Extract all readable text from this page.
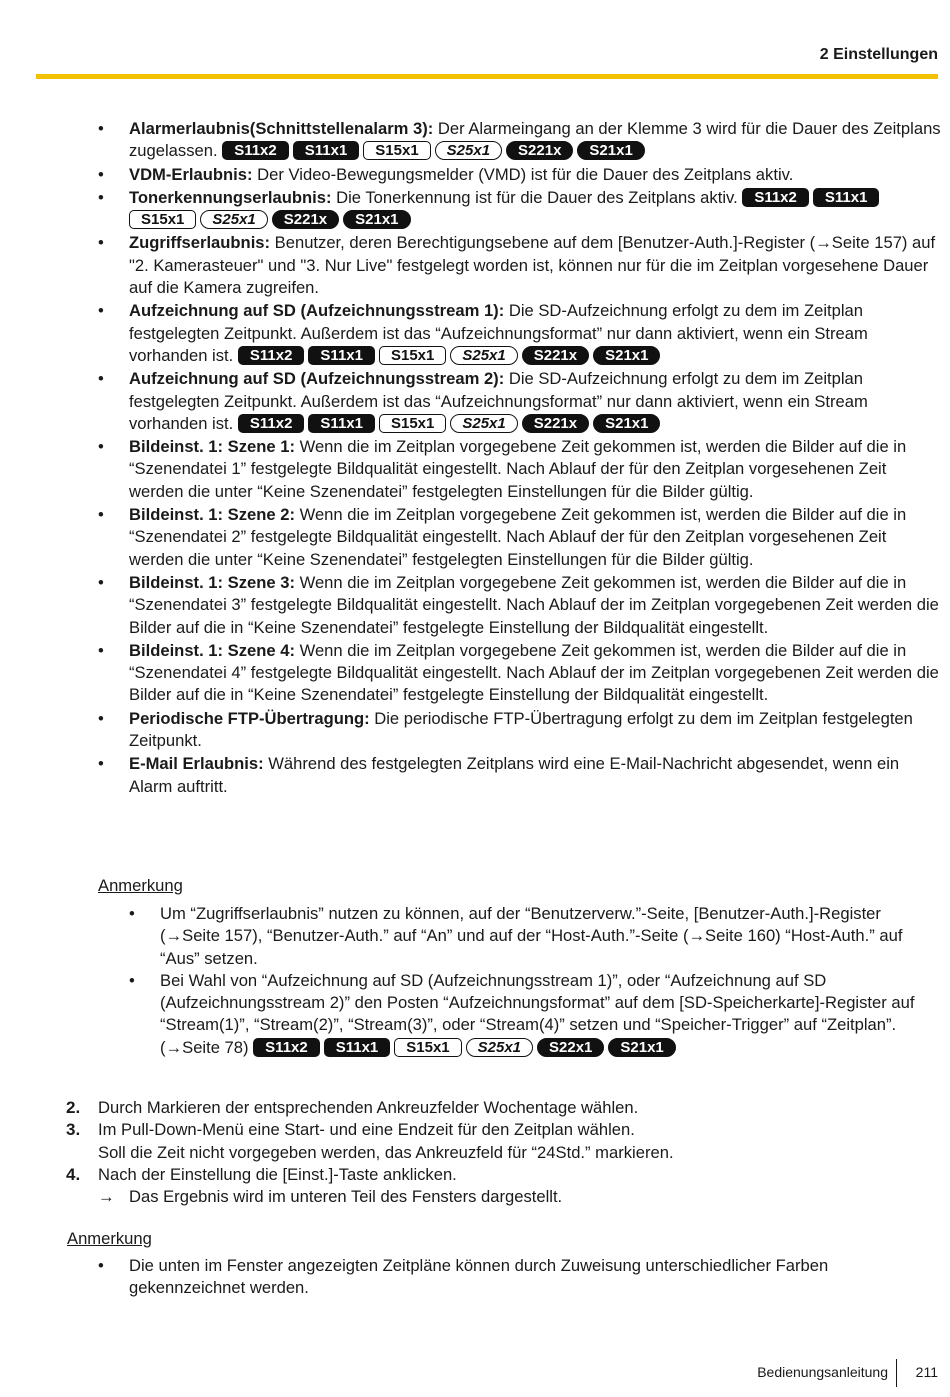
2 Einstellungen
• Alarmerlaubnis(Schnittstellenalarm 3): Der Alarmeingang an der Klemme 3 wird für die Dauer des Zeitplans zugelassen. S11x2 S11x1 S15x1 S25x1 S221x S21x1
• VDM-Erlaubnis: Der Video-Bewegungsmelder (VMD) ist für die Dauer des Zeitplans aktiv.
• Tonerkennungserlaubnis: Die Tonerkennung ist für die Dauer des Zeitplans aktiv. S11x2 S11x1S15x1 S25x1 S221x S21x1
• Zugriffserlaubnis: Benutzer, deren Berechtigungsebene auf dem [Benutzer-Auth.]-Register (→Seite 157) auf "2. Kamerasteuer" und "3. Nur Live" festgelegt worden ist, können nur für die im Zeitplan vorgesehene Dauer auf die Kamera zugreifen.
• Aufzeichnung auf SD (Aufzeichnungsstream 1): Die SD-Aufzeichnung erfolgt zu dem im Zeitplan festgelegten Zeitpunkt. Außerdem ist das “Aufzeichnungsformat” nur dann aktiviert, wenn ein Stream vorhanden ist. S11x2 S11x1 S15x1 S25x1 S221x S21x1
• Aufzeichnung auf SD (Aufzeichnungsstream 2): Die SD-Aufzeichnung erfolgt zu dem im Zeitplan festgelegten Zeitpunkt. Außerdem ist das “Aufzeichnungsformat” nur dann aktiviert, wenn ein Stream vorhanden ist. S11x2 S11x1 S15x1 S25x1 S221x S21x1
• Bildeinst. 1: Szene 1: Wenn die im Zeitplan vorgegebene Zeit gekommen ist, werden die Bilder auf die in “Szenendatei 1” festgelegte Bildqualität eingestellt. Nach Ablauf der für den Zeitplan vorgesehenen Zeit werden die unter “Keine Szenendatei” festgelegten Einstellungen für die Bilder gültig.
• Bildeinst. 1: Szene 2: Wenn die im Zeitplan vorgegebene Zeit gekommen ist, werden die Bilder auf die in “Szenendatei 2” festgelegte Bildqualität eingestellt. Nach Ablauf der für den Zeitplan vorgesehenen Zeit werden die unter “Keine Szenendatei” festgelegten Einstellungen für die Bilder gültig.
• Bildeinst. 1: Szene 3: Wenn die im Zeitplan vorgegebene Zeit gekommen ist, werden die Bilder auf die in “Szenendatei 3” festgelegte Bildqualität eingestellt. Nach Ablauf der im Zeitplan vorgegebenen Zeit werden die Bilder auf die in “Keine Szenendatei” festgelegte Einstellung der Bildqualität eingestellt.
• Bildeinst. 1: Szene 4: Wenn die im Zeitplan vorgegebene Zeit gekommen ist, werden die Bilder auf die in “Szenendatei 4” festgelegte Bildqualität eingestellt. Nach Ablauf der im Zeitplan vorgegebenen Zeit werden die Bilder auf die in “Keine Szenendatei” festgelegte Einstellung der Bildqualität eingestellt.
• Periodische FTP-Übertragung: Die periodische FTP-Übertragung erfolgt zu dem im Zeitplan festgelegten Zeitpunkt.
• E-Mail Erlaubnis: Während des festgelegten Zeitplans wird eine E-Mail-Nachricht abgesendet, wenn ein Alarm auftritt.
Anmerkung
• Um “Zugriffserlaubnis” nutzen zu können, auf der “Benutzerverw.”-Seite, [Benutzer-Auth.]-Register (→Seite 157), “Benutzer-Auth.” auf “An” und auf der “Host-Auth.”-Seite (→Seite 160) “Host-Auth.” auf “Aus” setzen.
• Bei Wahl von “Aufzeichnung auf SD (Aufzeichnungsstream 1)”, oder “Aufzeichnung auf SD (Aufzeichnungsstream 2)” den Posten “Aufzeichnungsformat” auf dem [SD-Speicherkarte]-Register auf “Stream(1)”, “Stream(2)”, “Stream(3)”, oder “Stream(4)” setzen und “Speicher-Trigger” auf “Zeitplan”. (→Seite 78) S11x2 S11x1 S15x1 S25x1 S22x1 S21x1
2. Durch Markieren der entsprechenden Ankreuzfelder Wochentage wählen.
3. Im Pull-Down-Menü eine Start- und eine Endzeit für den Zeitplan wählen.
Soll die Zeit nicht vorgegeben werden, das Ankreuzfeld für “24Std.” markieren.
4. Nach der Einstellung die [Einst.]-Taste anklicken.
→ Das Ergebnis wird im unteren Teil des Fensters dargestellt.
Anmerkung
• Die unten im Fenster angezeigten Zeitpläne können durch Zuweisung unterschiedlicher Farben gekennzeichnet werden.
Bedienungsanleitung 211
